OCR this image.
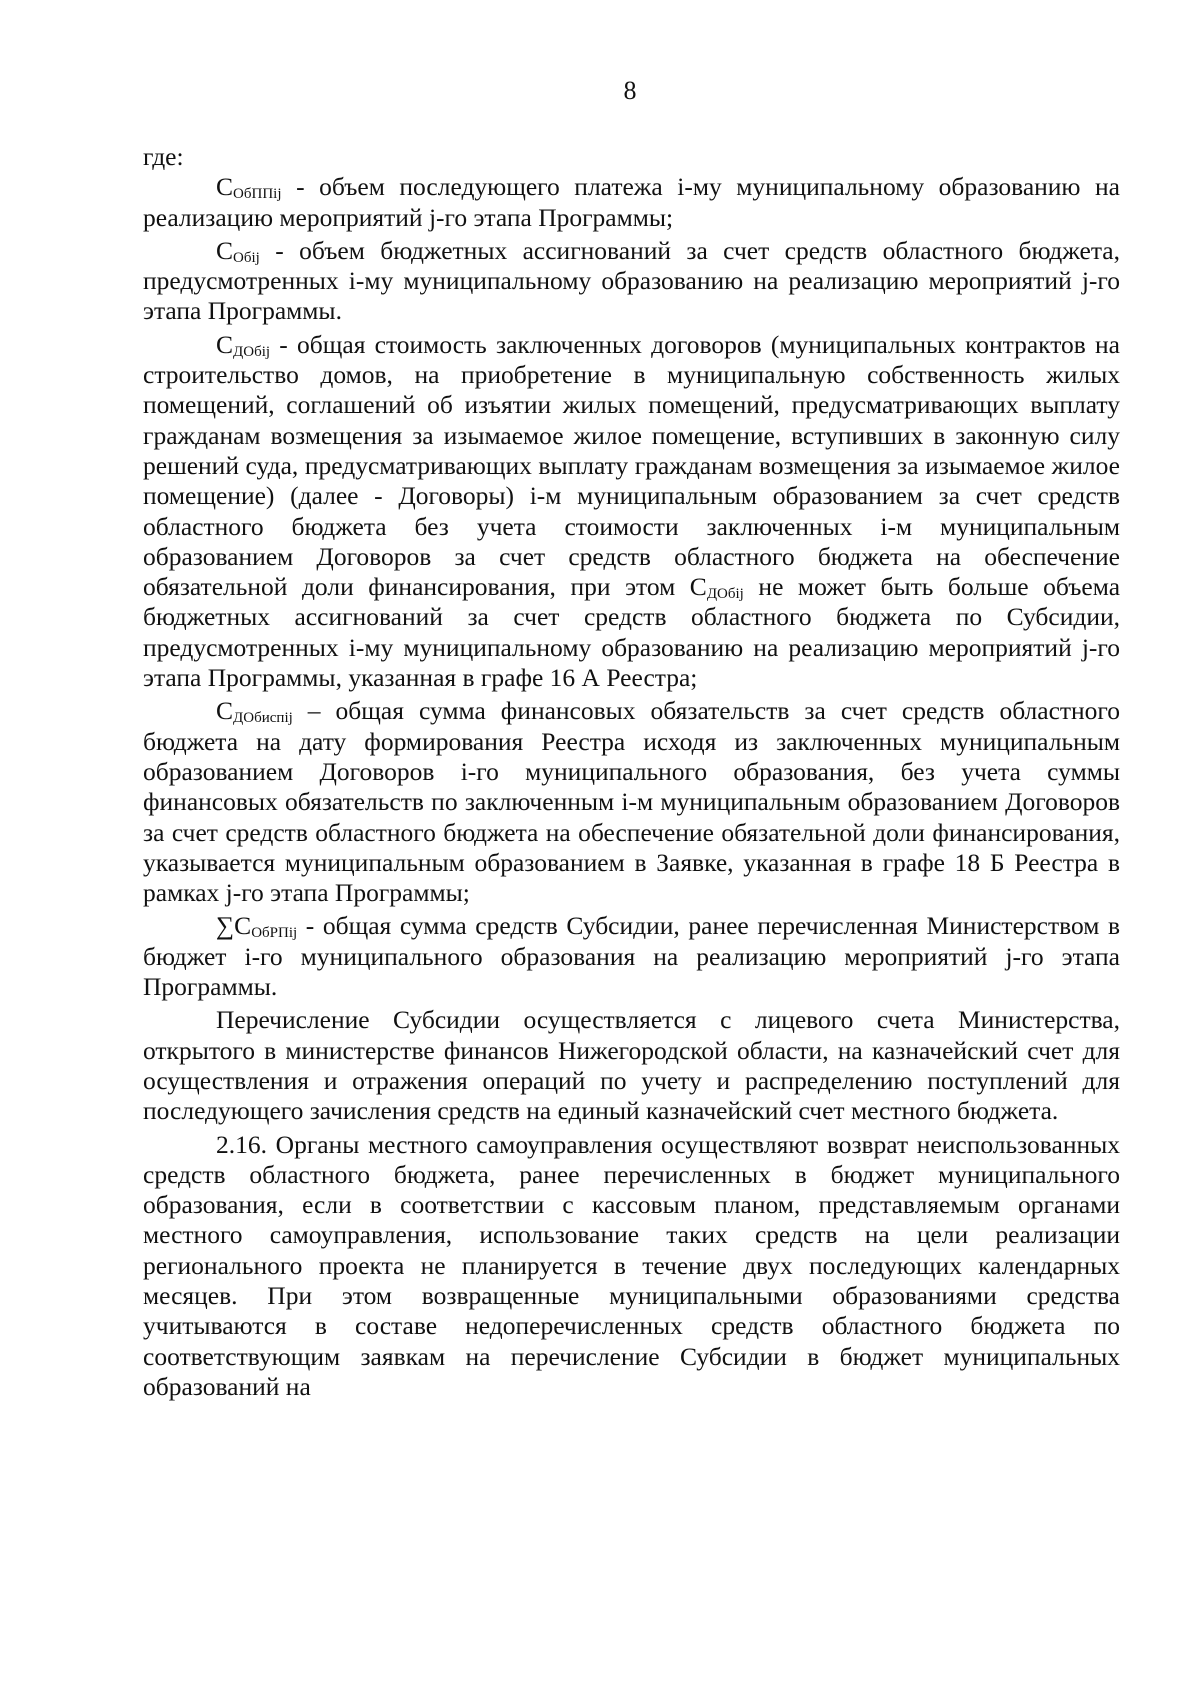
8

где:

$С_{ОбППij}$ - объем последующего платежа i-му муниципальному образованию на реализацию мероприятий j-го этапа Программы;

$С_{Обij}$ - объем бюджетных ассигнований за счет средств областного бюджета, предусмотренных i-му муниципальному образованию на реализацию мероприятий j-го этапа Программы.

$С_{ДОбij}$ - общая стоимость заключенных договоров (муниципальных контрактов на строительство домов, на приобретение в муниципальную собственность жилых помещений, соглашений об изъятии жилых помещений, предусматривающих выплату гражданам возмещения за изымаемое жилое помещение, вступивших в законную силу решений суда, предусматривающих выплату гражданам возмещения за изымаемое жилое помещение) (далее - Договоры) i-м муниципальным образованием за счет средств областного бюджета без учета стоимости заключенных i-м муниципальным образованием Договоров за счет средств областного бюджета на обеспечение обязательной доли финансирования, при этом $С_{ДОбij}$ не может быть больше объема бюджетных ассигнований за счет средств областного бюджета по Субсидии, предусмотренных i-му муниципальному образованию на реализацию мероприятий j-го этапа Программы, указанная в графе 16 А Реестра;

$С_{ДОбиспij}$ – общая сумма финансовых обязательств за счет средств областного бюджета на дату формирования Реестра исходя из заключенных муниципальным образованием Договоров i-го муниципального образования, без учета суммы финансовых обязательств по заключенным i-м муниципальным образованием Договоров за счет средств областного бюджета на обеспечение обязательной доли финансирования, указывается муниципальным образованием в Заявке, указанная в графе 18 Б Реестра в рамках j-го этапа Программы;

$\sum С_{ОбРПij}$ - общая сумма средств Субсидии, ранее перечисленная Министерством в бюджет i-го муниципального образования на реализацию мероприятий j-го этапа Программы.

Перечисление Субсидии осуществляется с лицевого счета Министерства, открытого в министерстве финансов Нижегородской области, на казначейский счет для осуществления и отражения операций по учету и распределению поступлений для последующего зачисления средств на единый казначейский счет местного бюджета.

2.16. Органы местного самоуправления осуществляют возврат неиспользованных средств областного бюджета, ранее перечисленных в бюджет муниципального образования, если в соответствии с кассовым планом, представляемым органами местного самоуправления, использование таких средств на цели реализации регионального проекта не планируется в течение двух последующих календарных месяцев. При этом возвращенные муниципальными образованиями средства учитываются в составе недоперечисленных средств областного бюджета по соответствующим заявкам на перечисление Субсидии в бюджет муниципальных образований на
